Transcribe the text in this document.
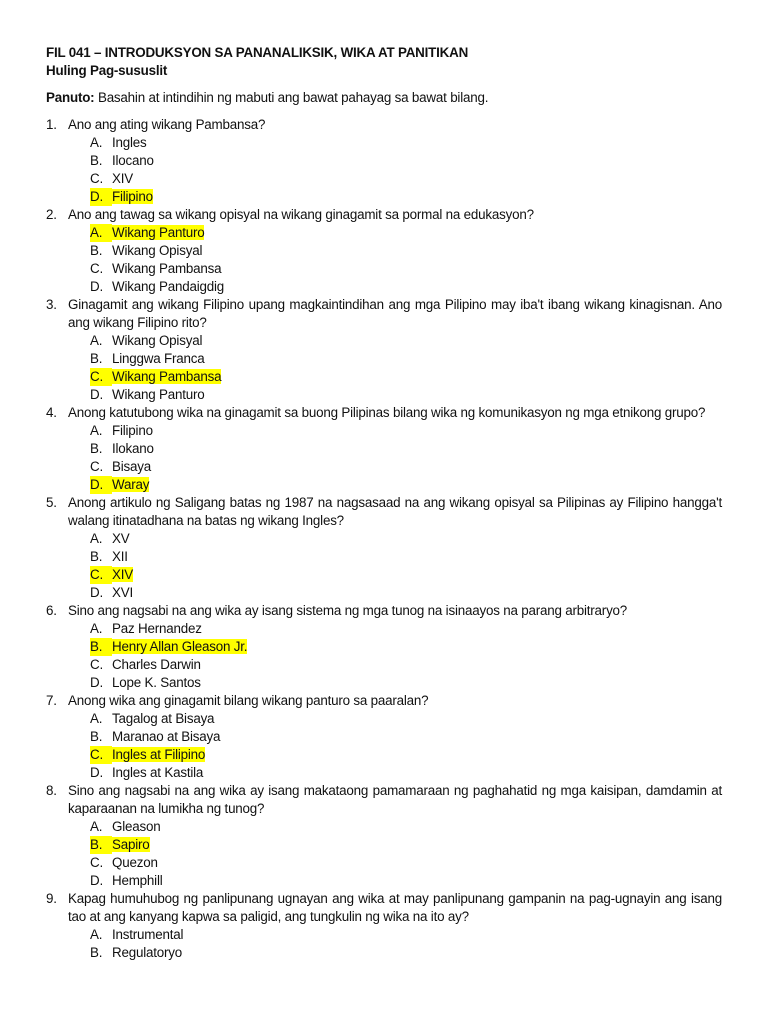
FIL 041 – INTRODUKSYON SA PANANALIKSIK, WIKA AT PANITIKAN
Huling Pag-sususlit
Panuto: Basahin at intindihin ng mabuti ang bawat pahayag sa bawat bilang.
1. Ano ang ating wikang Pambansa?
A. Ingles
B. Ilocano
C. XIV
D. Filipino
2. Ano ang tawag sa wikang opisyal na wikang ginagamit sa pormal na edukasyon?
A. Wikang Panturo
B. Wikang Opisyal
C. Wikang Pambansa
D. Wikang Pandaigdig
3. Ginagamit ang wikang Filipino upang magkaintindihan ang mga Pilipino may iba't ibang wikang kinagisnan. Ano ang wikang Filipino rito?
A. Wikang Opisyal
B. Linggwa Franca
C. Wikang Pambansa
D. Wikang Panturo
4. Anong katutubong wika na ginagamit sa buong Pilipinas bilang wika ng komunikasyon ng mga etnikong grupo?
A. Filipino
B. Ilokano
C. Bisaya
D. Waray
5. Anong artikulo ng Saligang batas ng 1987 na nagsasaad na ang wikang opisyal sa Pilipinas ay Filipino hangga't walang itinatadhana na batas ng wikang Ingles?
A. XV
B. XII
C. XIV
D. XVI
6. Sino ang nagsabi na ang wika ay isang sistema ng mga tunog na isinaayos na parang arbitraryo?
A. Paz Hernandez
B. Henry Allan Gleason Jr.
C. Charles Darwin
D. Lope K. Santos
7. Anong wika ang ginagamit bilang wikang panturo sa paaralan?
A. Tagalog at Bisaya
B. Maranao at Bisaya
C. Ingles at Filipino
D. Ingles at Kastila
8. Sino ang nagsabi na ang wika ay isang makataong pamamaraan ng paghahatid ng mga kaisipan, damdamin at kaparaanan na lumikha ng tunog?
A. Gleason
B. Sapiro
C. Quezon
D. Hemphill
9. Kapag humuhubog ng panlipunang ugnayan ang wika at may panlipunang gampanin na pag-ugnayin ang isang tao at ang kanyang kapwa sa paligid, ang tungkulin ng wika na ito ay?
A. Instrumental
B. Regulatoryo
